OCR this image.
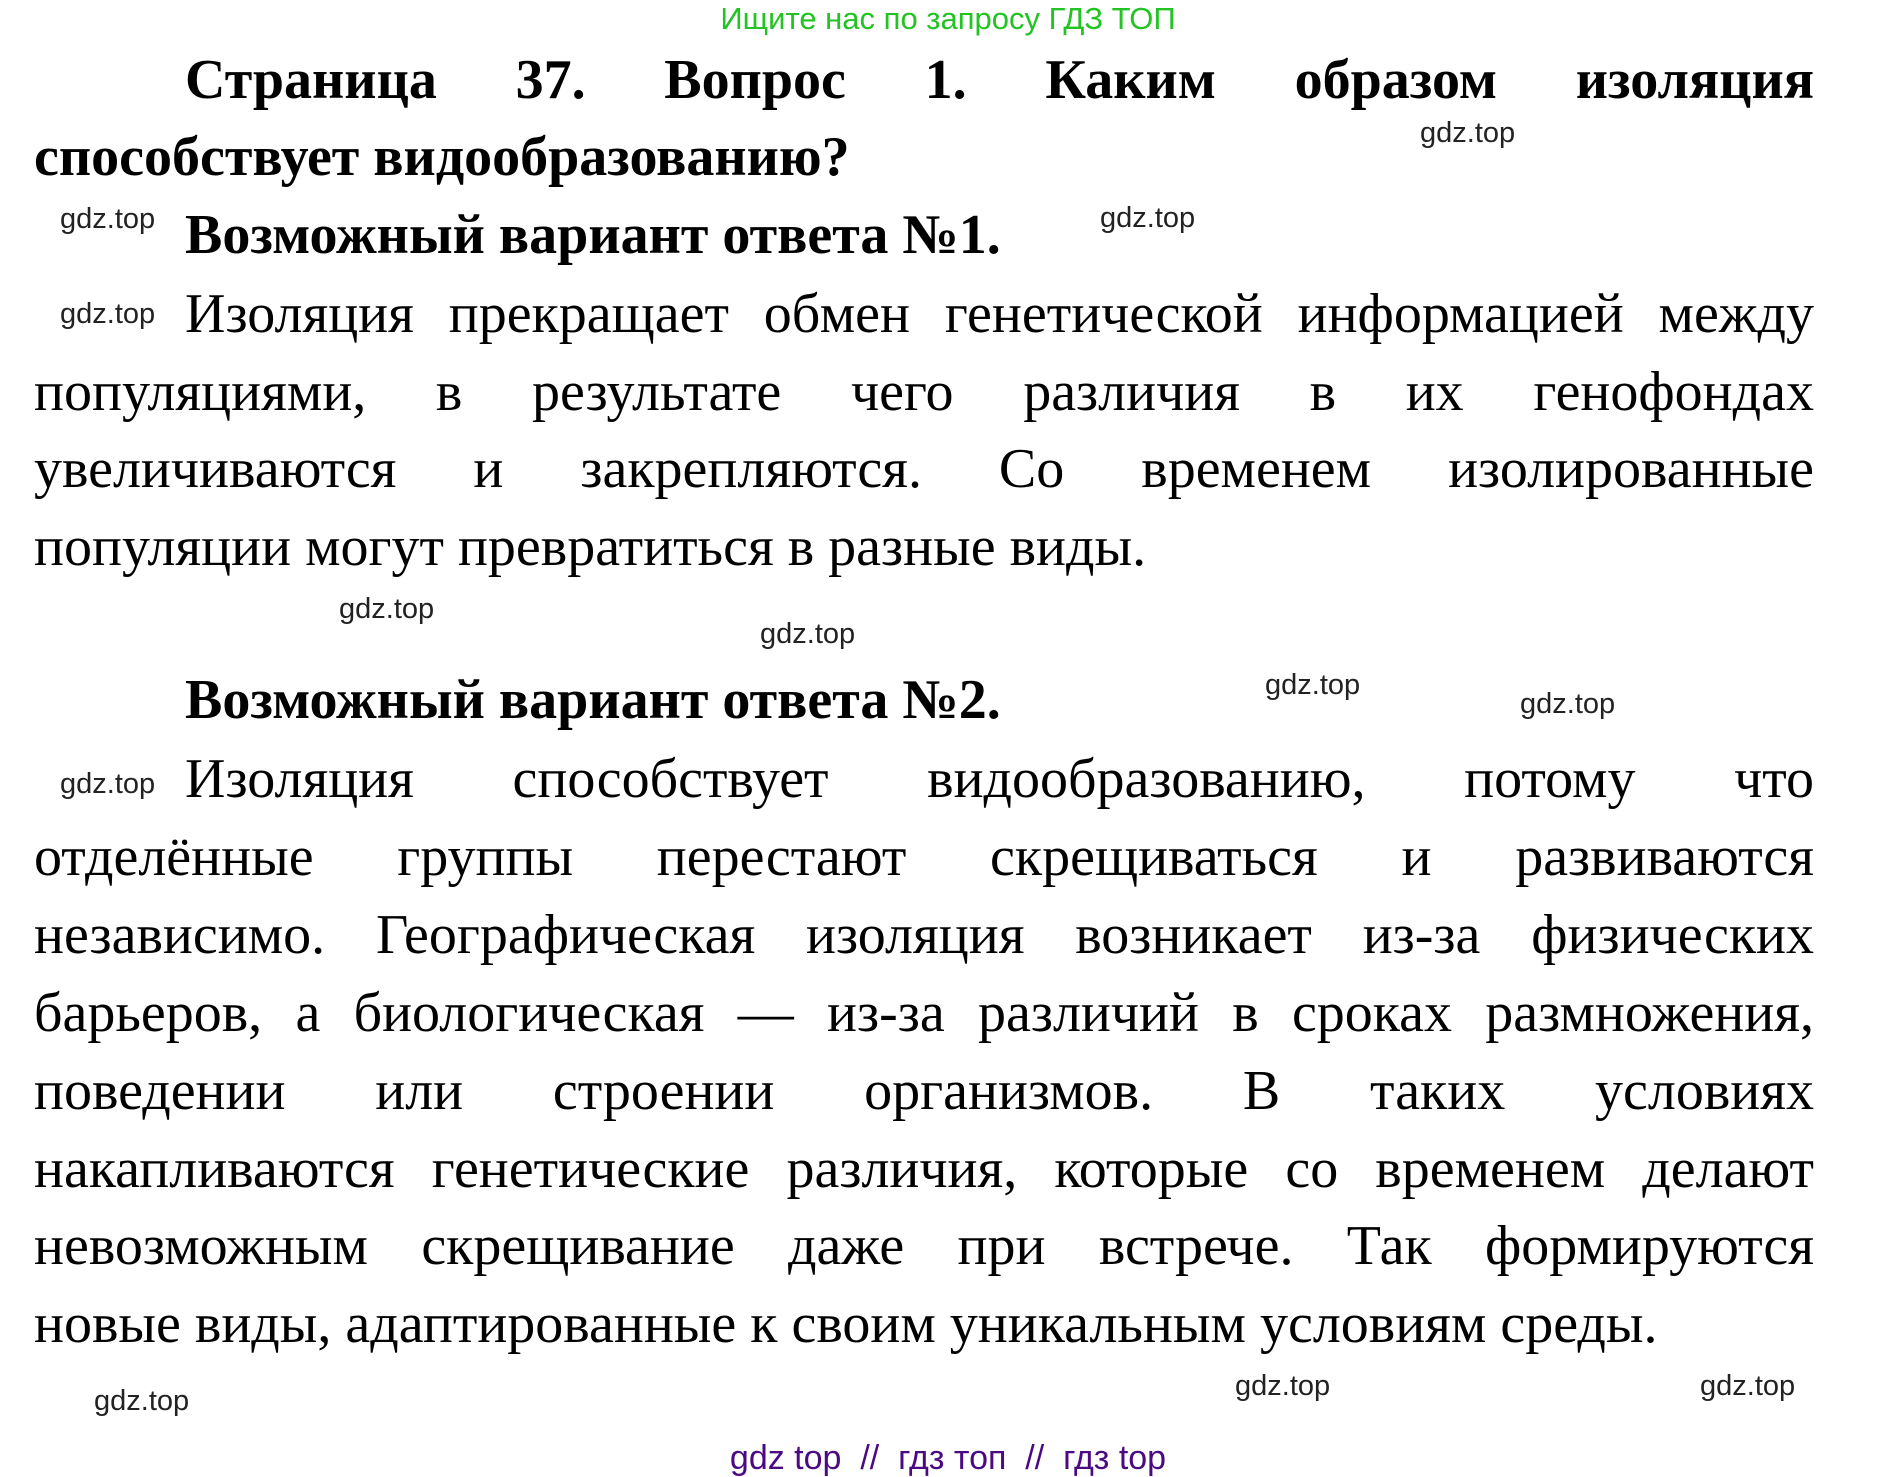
Ищите нас по запросу ГДЗ ТОП
Страница 37. Вопрос 1. Каким образом изоляция
способствует видообразованию?
Возможный вариант ответа №1.
Изоляция прекращает обмен генетической информацией между
популяциями, в результате чего различия в их генофондах
увеличиваются и закрепляются. Со временем изолированные
популяции могут превратиться в разные виды.
Возможный вариант ответа №2.
Изоляция способствует видообразованию, потому что
отделённые группы перестают скрещиваться и развиваются
независимо. Географическая изоляция возникает из-за физических
барьеров, а биологическая — из-за различий в сроках размножения,
поведении или строении организмов. В таких условиях
накапливаются генетические различия, которые со временем делают
невозможным скрещивание даже при встрече. Так формируются
новые виды, адаптированные к своим уникальным условиям среды.
gdz.top
gdz.top
gdz.top
gdz.top
gdz.top
gdz.top
gdz.top
gdz.top
gdz.top
gdz.top	gdz.top
gdz.top
gdz top  //  гдз топ  //  гдз top
